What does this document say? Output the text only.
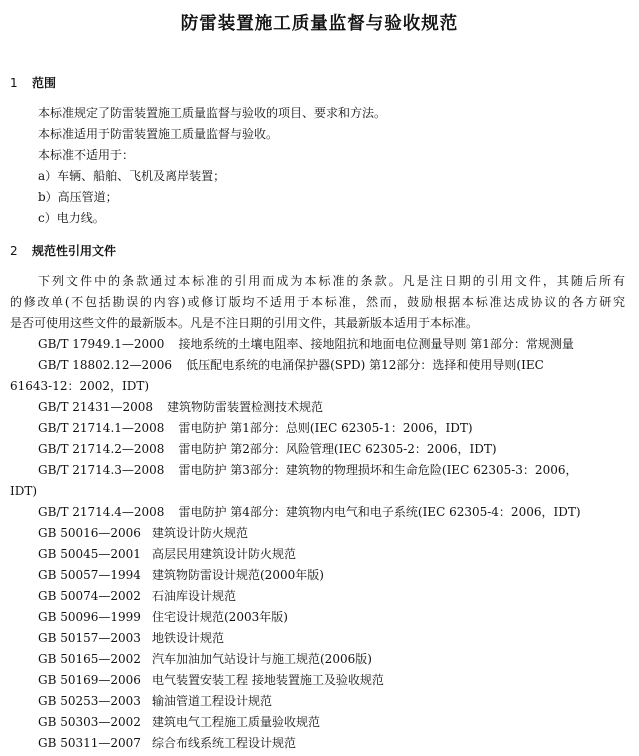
防雷装置施工质量监督与验收规范
1 范围
本标准规定了防雷装置施工质量监督与验收的项目、要求和方法。
本标准适用于防雷装置施工质量监督与验收。
本标准不适用于：
a）车辆、船舶、飞机及离岸装置；
b）高压管道；
c）电力线。
2 规范性引用文件
下列文件中的条款通过本标准的引用而成为本标准的条款。凡是注日期的引用文件，其随后所有
的修改单(不包括勘误的内容)或修订版均不适用于本标准，然而，鼓励根据本标准达成协议的各方研究
是否可使用这些文件的最新版本。凡是不注日期的引用文件，其最新版本适用于本标准。
GB/T 17949.1—2000 接地系统的土壤电阻率、接地阻抗和地面电位测量导则 第1部分：常规测量
GB/T 18802.12—2006 低压配电系统的电涌保护器(SPD) 第12部分：选择和使用导则(IEC
61643-12：2002，IDT)
GB/T 21431—2008 建筑物防雷装置检测技术规范
GB/T 21714.1—2008 雷电防护 第1部分：总则(IEC 62305-1：2006，IDT)
GB/T 21714.2—2008 雷电防护 第2部分：风险管理(IEC 62305-2：2006，IDT)
GB/T 21714.3—2008 雷电防护 第3部分：建筑物的物理损坏和生命危险(IEC 62305-3：2006，
IDT)
GB/T 21714.4—2008 雷电防护 第4部分：建筑物内电气和电子系统(IEC 62305-4：2006，IDT)
GB 50016—2006 建筑设计防火规范
GB 50045—2001 高层民用建筑设计防火规范
GB 50057—1994 建筑物防雷设计规范(2000年版)
GB 50074—2002 石油库设计规范
GB 50096—1999 住宅设计规范(2003年版)
GB 50157—2003 地铁设计规范
GB 50165—2002 汽车加油加气站设计与施工规范(2006版)
GB 50169—2006 电气装置安装工程 接地装置施工及验收规范
GB 50253—2003 输油管道工程设计规范
GB 50303—2002 建筑电气工程施工质量验收规范
GB 50311—2007 综合布线系统工程设计规范
